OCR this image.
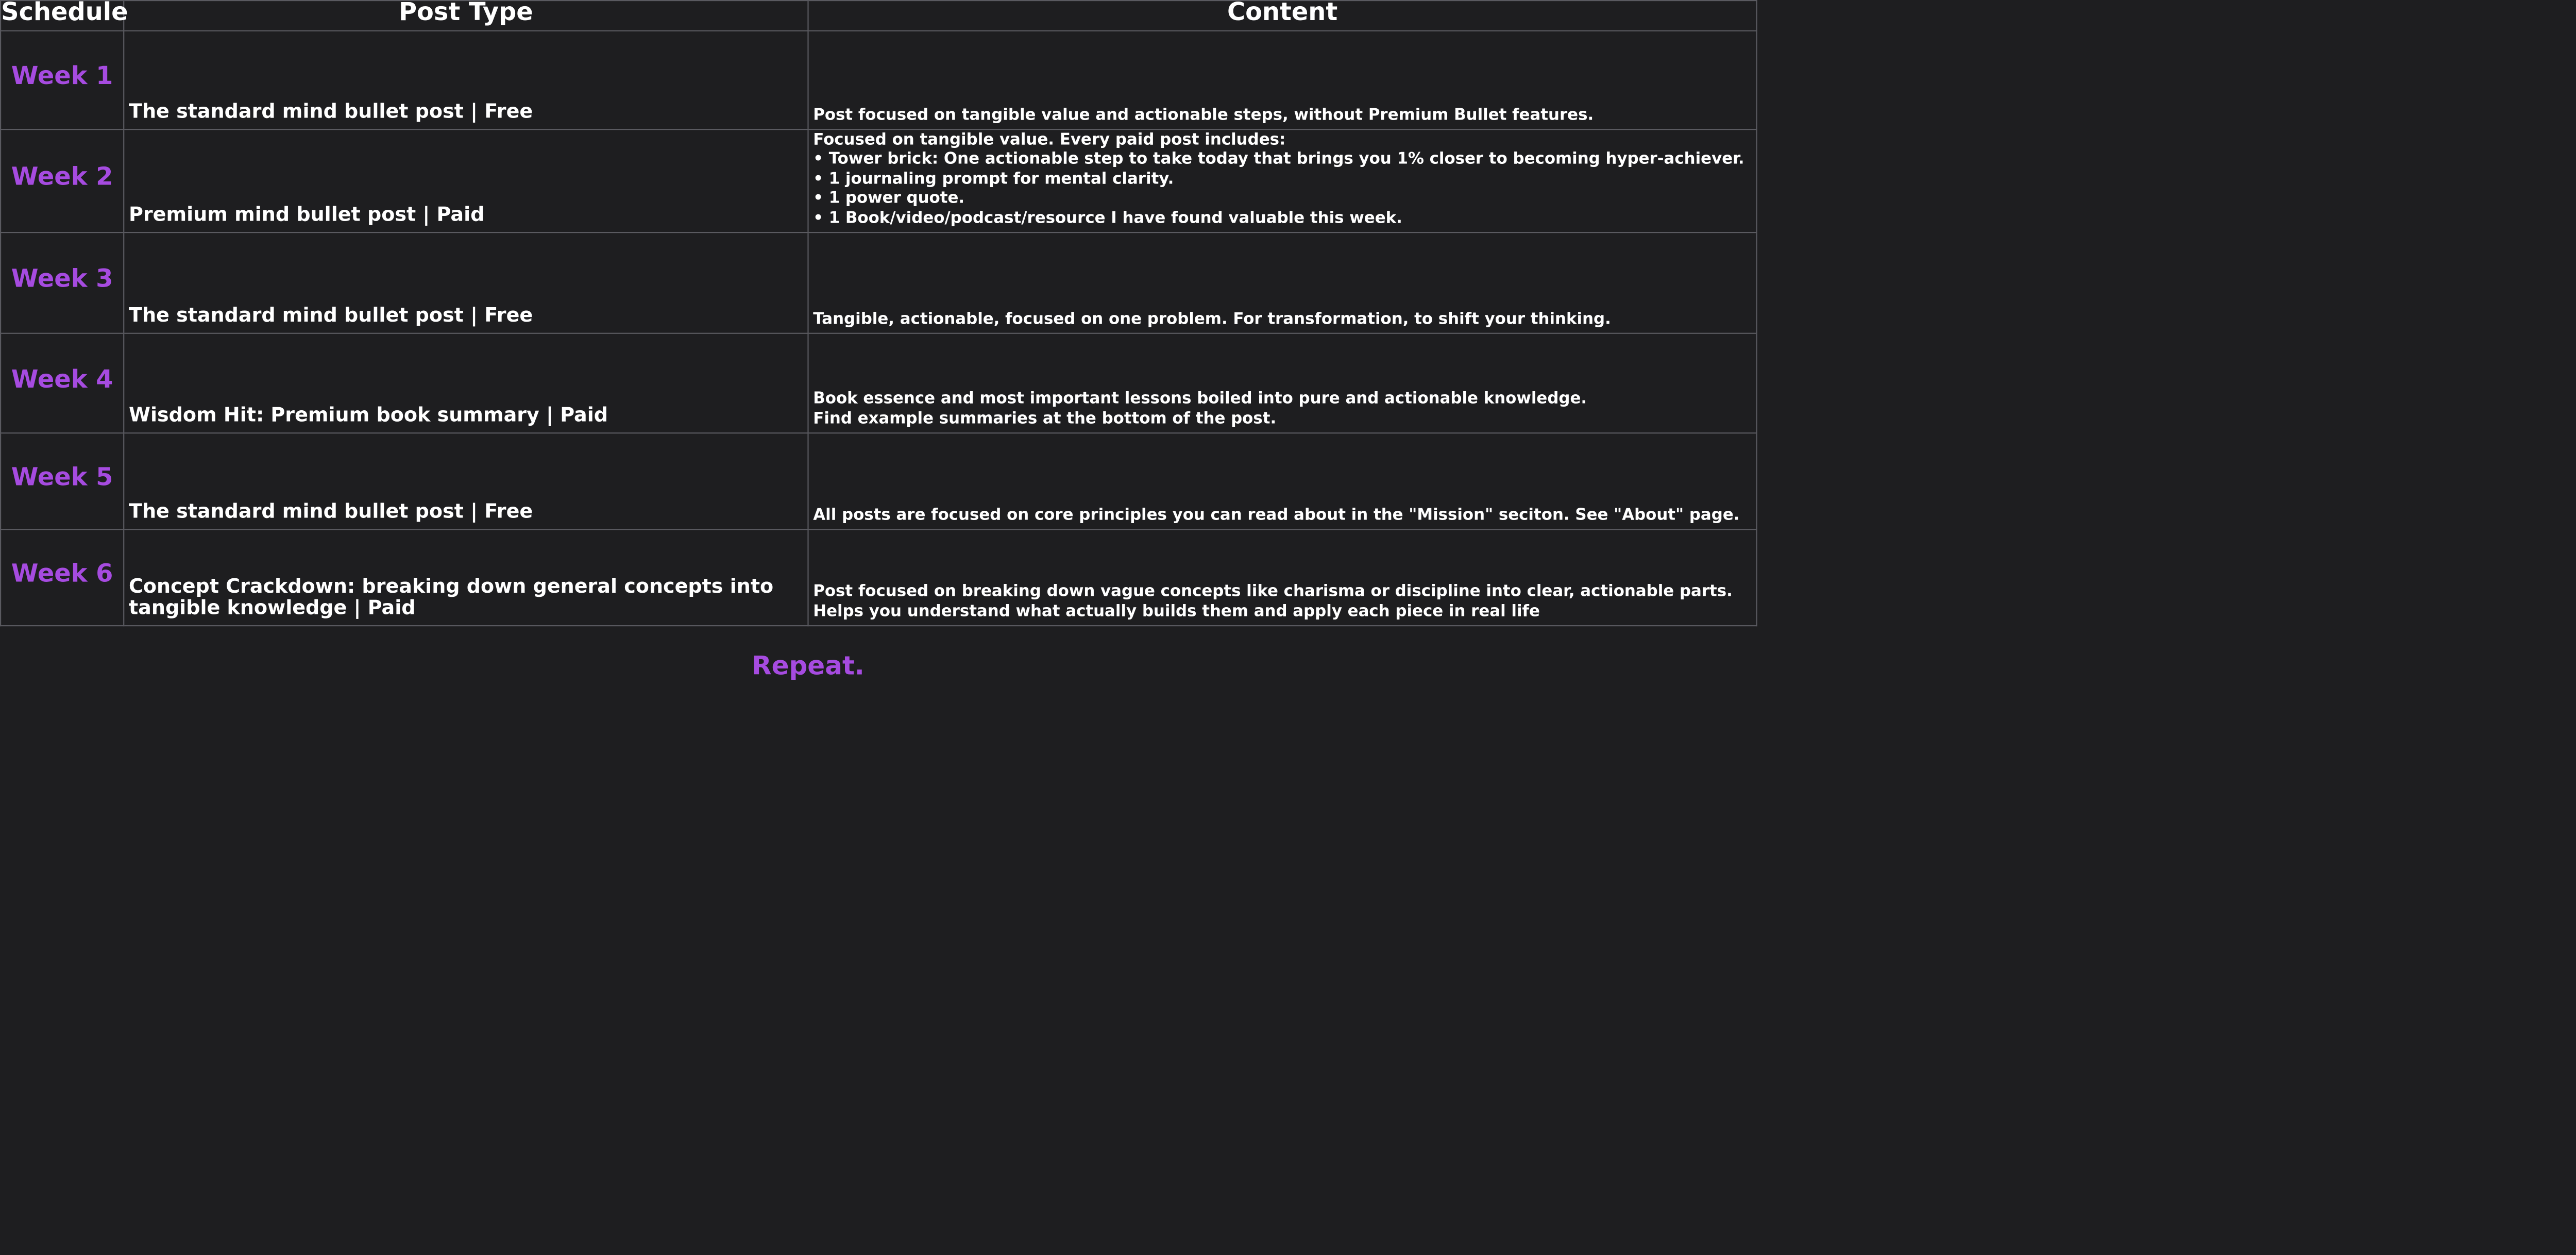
Schedule	Post Type	Content
Week 1	The standard mind bullet post | Free	Post focused on tangible value and actionable steps, without Premium Bullet features.

Week 2	Premium mind bullet post | Paid	Focused on tangible value. Every paid post includes:
• Tower brick: One actionable step to take today that brings you 1% closer to becoming hyper-achiever.
• 1 journaling prompt for mental clarity.
• 1 power quote.
• 1 Book/video/podcast/resource I have found valuable this week.

Week 3	The standard mind bullet post | Free	Tangible, actionable, focused on one problem. For transformation, to shift your thinking.

Week 4	Wisdom Hit: Premium book summary | Paid	Book essence and most important lessons boiled into pure and actionable knowledge.
Find example summaries at the bottom of the post.

Week 5	The standard mind bullet post | Free	All posts are focused on core principles you can read about in the "Mission" seciton. See "About" page.

Week 6	Concept Crackdown: breaking down general concepts into tangible knowledge | Paid	Post focused on breaking down vague concepts like charisma or discipline into clear, actionable parts.
Helps you understand what actually builds them and apply each piece in real life
Repeat.
